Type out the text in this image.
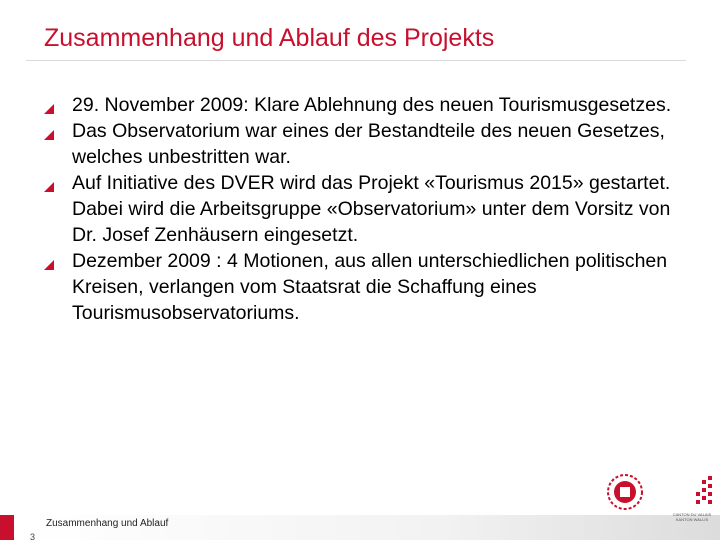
Zusammenhang und Ablauf des Projekts
29. November 2009: Klare Ablehnung des neuen Tourismusgesetzes.
Das Observatorium war eines der Bestandteile des neuen Gesetzes, welches unbestritten war.
Auf Initiative des DVER wird das Projekt «Tourismus 2015» gestartet. Dabei wird die Arbeitsgruppe «Observatorium» unter dem Vorsitz von Dr. Josef Zenhäusern eingesetzt.
Dezember 2009 : 4 Motionen, aus allen unterschiedlichen politischen Kreisen, verlangen vom Staatsrat die Schaffung eines Tourismusobservatoriums.
Zusammenhang und Ablauf
3
CANTON DU VALAIS KANTON WALLIS
